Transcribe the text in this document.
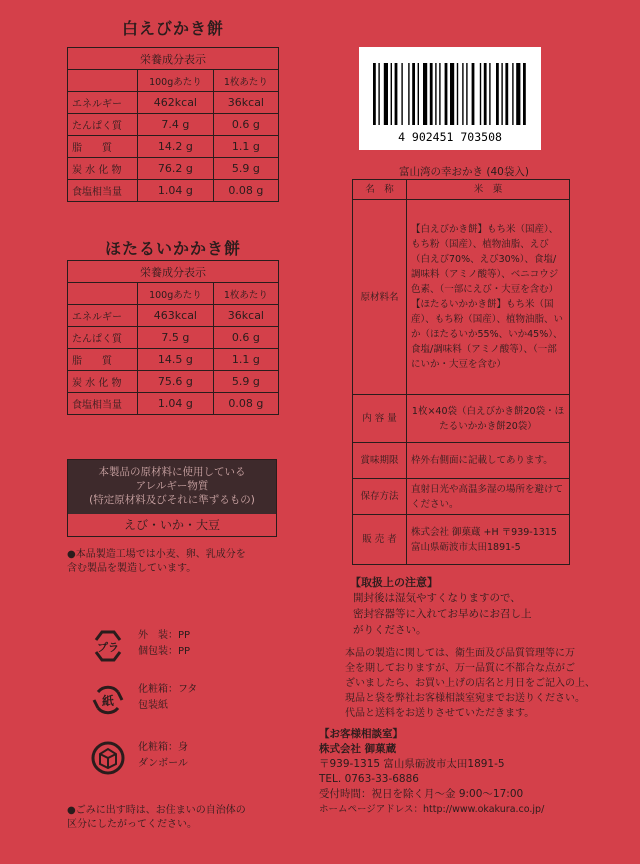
白えびかき餅
栄養成分表示		
	100gあたり	1枚あたり
エネルギー	462kcal	36kcal
たんぱく質	7.4 g	0.6 g
脂　　質	14.2 g	1.1 g
炭 水 化 物	76.2 g	5.9 g
食塩相当量	1.04 g	0.08 g
ほたるいかかき餅
栄養成分表示		
	100gあたり	1枚あたり
エネルギー	463kcal	36kcal
たんぱく質	7.5 g	0.6 g
脂　　質	14.5 g	1.1 g
炭 水 化 物	75.6 g	5.9 g
食塩相当量	1.04 g	0.08 g
本製品の原材料に使用している
アレルギー物質
(特定原材料及びそれに準ずるもの)
えび・いか・大豆
●本品製造工場では小麦、卵、乳成分を
含む製品を製造しています。
プラ
外　装：PP
個包装：PP
紙
化粧箱：フタ
包装紙
化粧箱：身
ダンボール
●ごみに出す時は、お住まいの自治体の
区分にしたがってください。
4 902451 703508
富山湾の幸おかき (40袋入)
名　称	米　菓
原材料名	【白えびかき餅】もち米（国産）、もち粉（国産）、植物油脂、えび（白えび70%、えび30%）、食塩/調味料（アミノ酸等）、ベニコウジ色素、（一部にえび・大豆を含む）【ほたるいかかき餅】もち米（国産）、もち粉（国産）、植物油脂、いか（ほたるいか55%、いか45%）、食塩/調味料（アミノ酸等）、（一部にいか・大豆を含む）
内 容 量	1枚×40袋（白えびかき餅20袋・ほたるいかかき餅20袋）
賞味期限	枠外右側面に記載してあります。
保存方法	直射日光や高温多湿の場所を避けてください。
販 売 者	株式会社 御菓蔵 +H 〒939-1315 富山県砺波市太田1891-5
【取扱上の注意】
開封後は湿気やすくなりますので、
密封容器等に入れてお早めにお召し上
がりください。
本品の製造に関しては、衛生面及び品質管理等に万
全を期しておりますが、万一品質に不都合な点がご
ざいましたら、お買い上げの店名と月日をご記入の上、
現品と袋を弊社お客様相談室宛までお送りください。
代品と送料をお送りさせていただきます。
【お客様相談室】
株式会社 御菓蔵
〒939-1315 富山県砺波市太田1891-5
TEL. 0763-33-6886
受付時間：祝日を除く月～金 9:00～17:00
ホームページアドレス：http://www.okakura.co.jp/
